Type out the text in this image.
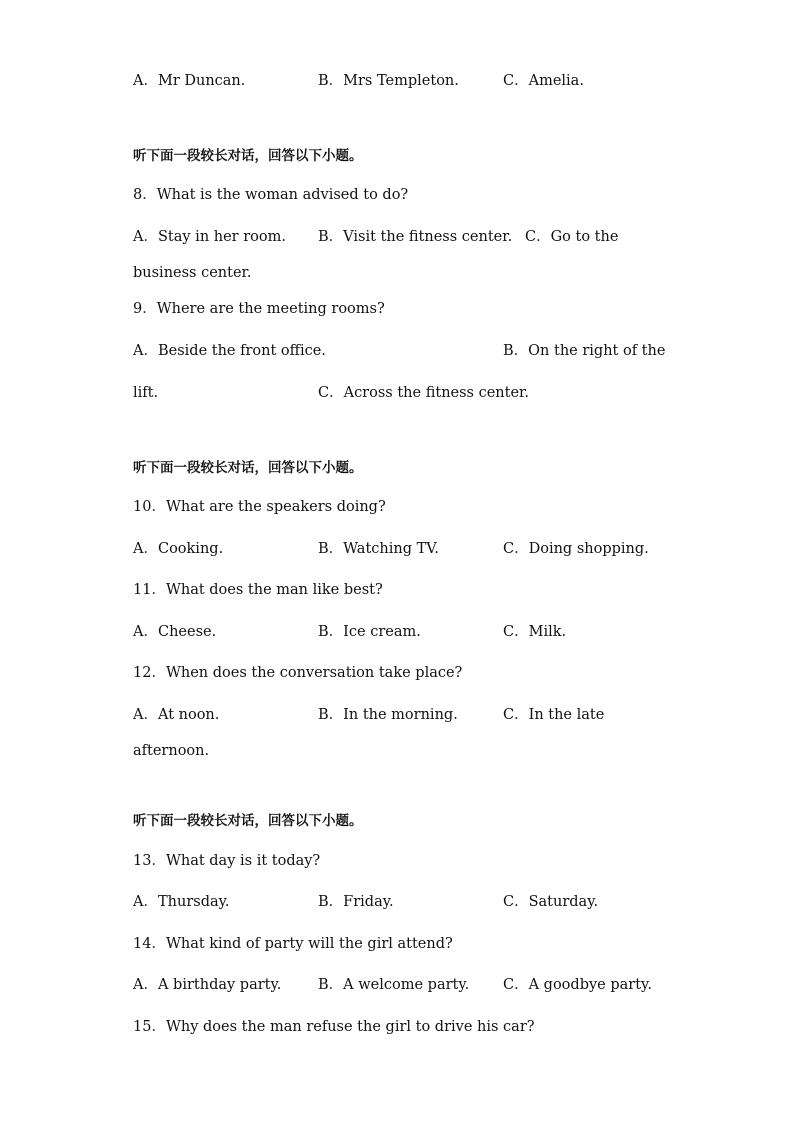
A．Mr Duncan.	B．Mrs Templeton.	C．Amelia.
听下面一段较长对话，回答以下小题。
8．What is the woman advised to do?
A．Stay in her room. B．Visit the fitness center. C．Go to the
business center.
9．Where are the meeting rooms?
A．Beside the front office.	B．On the right of the
lift.	C．Across the fitness center.
听下面一段较长对话，回答以下小题。
10．What are the speakers doing?
A．Cooking.	B．Watching TV.	C．Doing shopping.
11．What does the man like best?
A．Cheese.	B．Ice cream.	C．Milk.
12．When does the conversation take place?
A．At noon.	B．In the morning.	C．In the late
afternoon.
听下面一段较长对话，回答以下小题。
13．What day is it today?
A．Thursday.	B．Friday.	C．Saturday.
14．What kind of party will the girl attend?
A．A birthday party.	B．A welcome party. C．A goodbye party.
15．Why does the man refuse the girl to drive his car?
